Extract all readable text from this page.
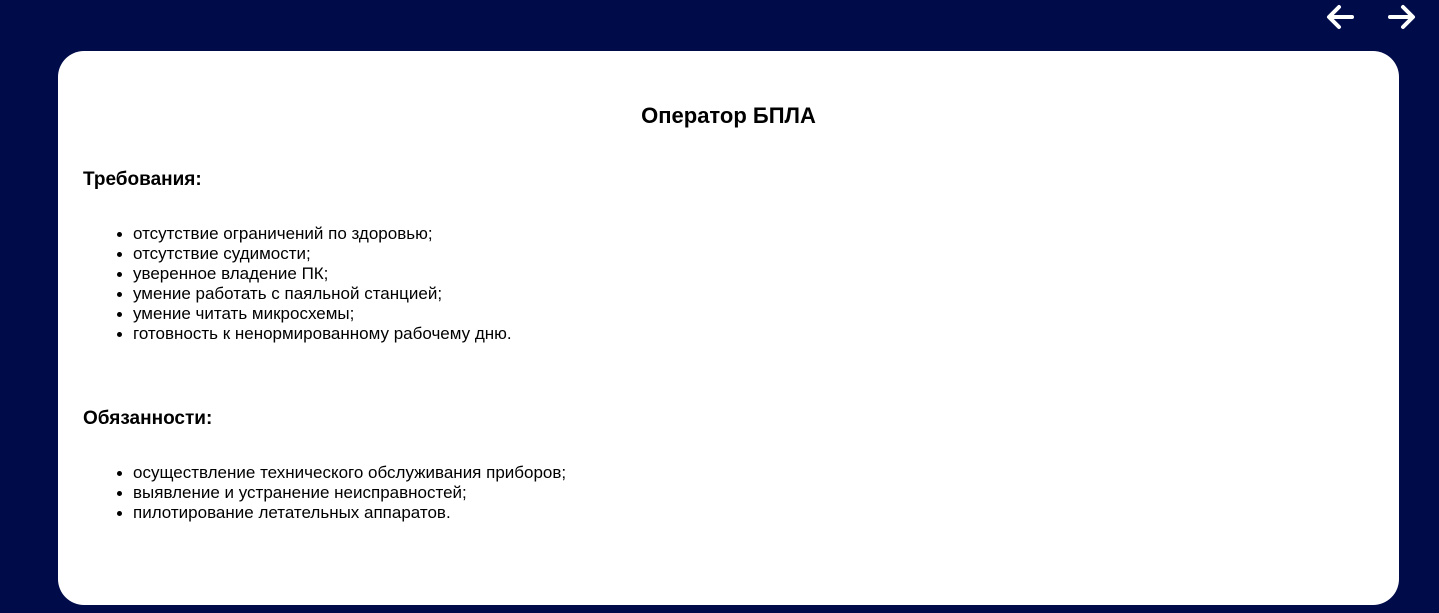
Оператор БПЛА
Требования:
отсутствие ограничений по здоровью;
отсутствие судимости;
уверенное владение ПК;
умение работать с паяльной станцией;
умение читать микросхемы;
готовность к ненормированному рабочему дню.
Обязанности:
осуществление технического обслуживания приборов;
выявление и устранение неисправностей;
пилотирование летательных аппаратов.
